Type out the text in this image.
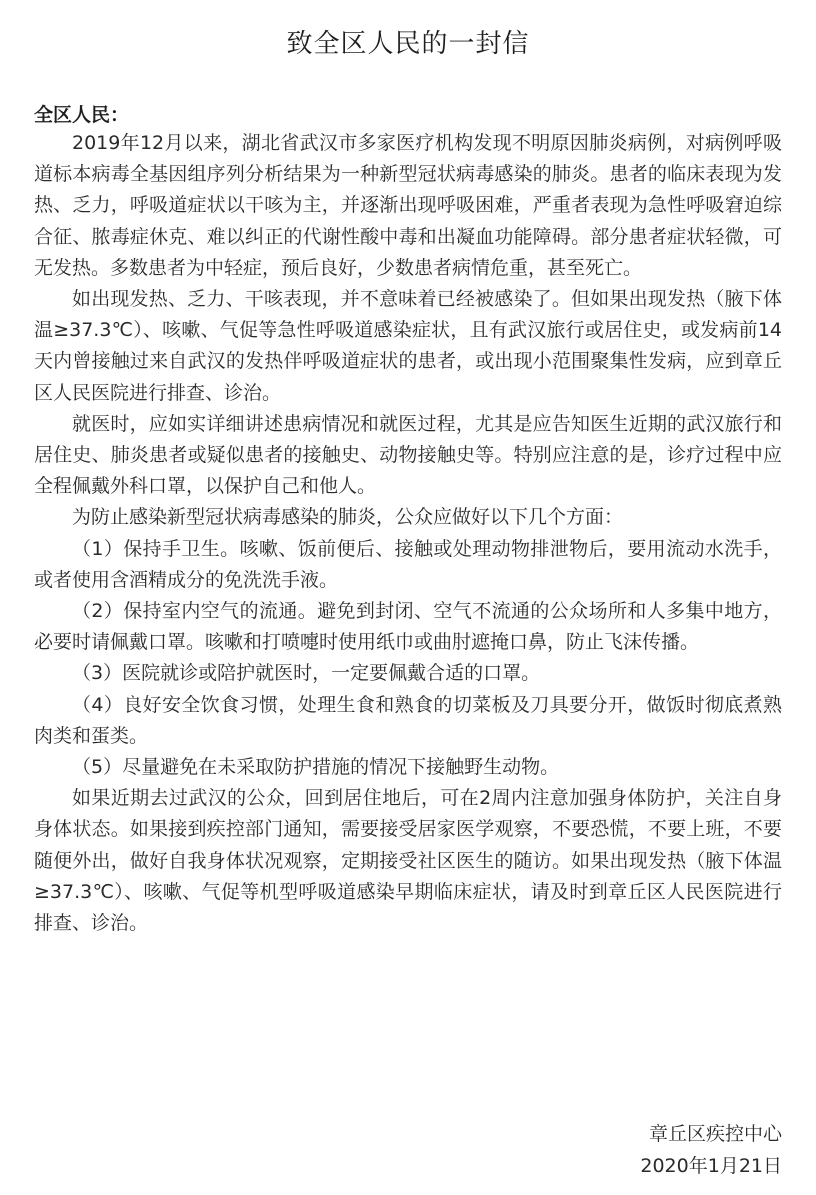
致全区人民的一封信
全区人民：

2019年12月以来，湖北省武汉市多家医疗机构发现不明原因肺炎病例，对病例呼吸道标本病毒全基因组序列分析结果为一种新型冠状病毒感染的肺炎。患者的临床表现为发热、乏力，呼吸道症状以干咳为主，并逐渐出现呼吸困难，严重者表现为急性呼吸窘迫综合征、脓毒症休克、难以纠正的代谢性酸中毒和出凝血功能障碍。部分患者症状轻微，可无发热。多数患者为中轻症，预后良好，少数患者病情危重，甚至死亡。

如出现发热、乏力、干咳表现，并不意味着已经被感染了。但如果出现发热（腋下体温≥37.3℃）、咳嗽、气促等急性呼吸道感染症状，且有武汉旅行或居住史，或发病前14天内曾接触过来自武汉的发热伴呼吸道症状的患者，或出现小范围聚集性发病，应到章丘区人民医院进行排查、诊治。

就医时，应如实详细讲述患病情况和就医过程，尤其是应告知医生近期的武汉旅行和居住史、肺炎患者或疑似患者的接触史、动物接触史等。特别应注意的是，诊疗过程中应全程佩戴外科口罩，以保护自己和他人。

为防止感染新型冠状病毒感染的肺炎，公众应做好以下几个方面：

（1）保持手卫生。咳嗽、饭前便后、接触或处理动物排泄物后，要用流动水洗手，或者使用含酒精成分的免洗洗手液。

（2）保持室内空气的流通。避免到封闭、空气不流通的公众场所和人多集中地方，必要时请佩戴口罩。咳嗽和打喷嚏时使用纸巾或曲肘遮掩口鼻，防止飞沫传播。

（3）医院就诊或陪护就医时，一定要佩戴合适的口罩。

（4）良好安全饮食习惯，处理生食和熟食的切菜板及刀具要分开，做饭时彻底煮熟肉类和蛋类。

（5）尽量避免在未采取防护措施的情况下接触野生动物。

如果近期去过武汉的公众，回到居住地后，可在2周内注意加强身体防护，关注自身身体状态。如果接到疾控部门通知，需要接受居家医学观察，不要恐慌，不要上班，不要随便外出，做好自我身体状况观察，定期接受社区医生的随访。如果出现发热（腋下体温≥37.3℃）、咳嗽、气促等机型呼吸道感染早期临床症状，请及时到章丘区人民医院进行排查、诊治。

章丘区疾控中心
2020年1月21日
